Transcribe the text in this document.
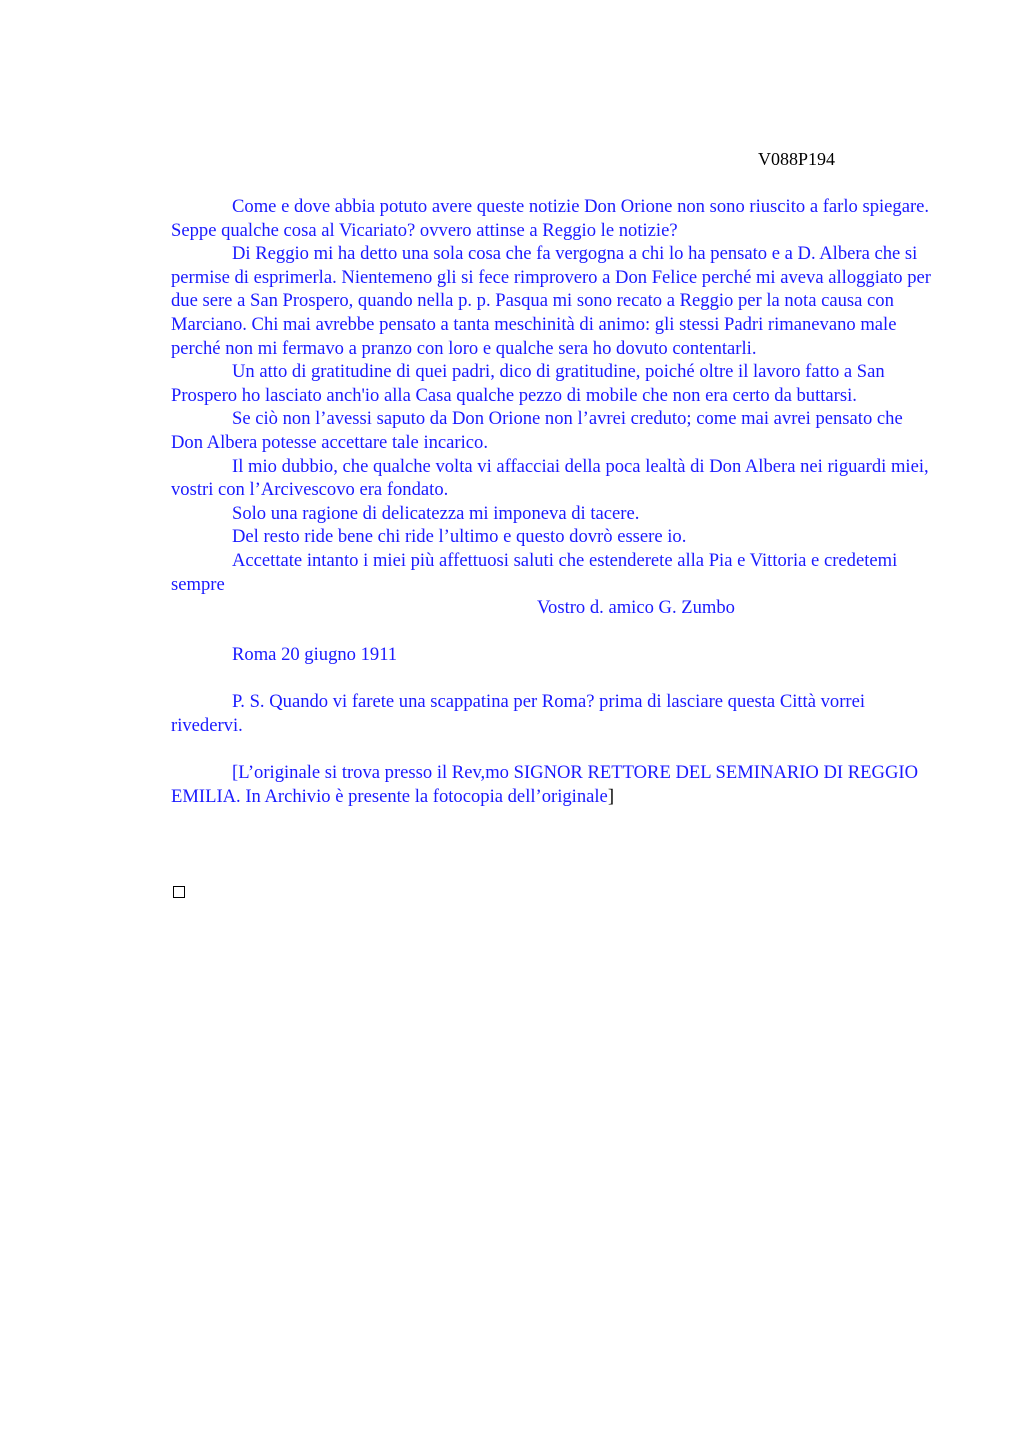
V088P194

Come e dove abbia potuto avere queste notizie Don Orione non sono riuscito a farlo spiegare. Seppe qualche cosa al Vicariato? ovvero attinse a Reggio le notizie?

Di Reggio mi ha detto una sola cosa che fa vergogna a chi lo ha pensato e a D. Albera che si permise di esprimerla. Nientemeno gli si fece rimprovero a Don Felice perché mi aveva alloggiato per due sere a San Prospero, quando nella p. p. Pasqua mi sono recato a Reggio per la nota causa con Marciano. Chi mai avrebbe pensato a tanta meschinità di animo: gli stessi Padri rimanevano male perché non mi fermavo a pranzo con loro e qualche sera ho dovuto contentarli.

Un atto di gratitudine di quei padri, dico di gratitudine, poiché oltre il lavoro fatto a San Prospero ho lasciato anch'io alla Casa qualche pezzo di mobile che non era certo da buttarsi.

Se ciò non l’avessi saputo da Don Orione non l’avrei creduto; come mai avrei pensato che Don Albera potesse accettare tale incarico.

Il mio dubbio, che qualche volta vi affacciai della poca lealtà di Don Albera nei riguardi miei, vostri con l’Arcivescovo era fondato.

Solo una ragione di delicatezza mi imponeva di tacere.

Del resto ride bene chi ride l’ultimo e questo dovrò essere io.

Accettate intanto i miei più affettuosi saluti che estenderete alla Pia e Vittoria e credetemi sempre

Vostro d. amico G. Zumbo

Roma 20 giugno 1911

P. S. Quando vi farete una scappatina per Roma? prima di lasciare questa Città vorrei rivedervi.

[L’originale si trova presso il Rev,mo SIGNOR RETTORE DEL SEMINARIO DI REGGIO EMILIA. In Archivio è presente la fotocopia dell’originale]
